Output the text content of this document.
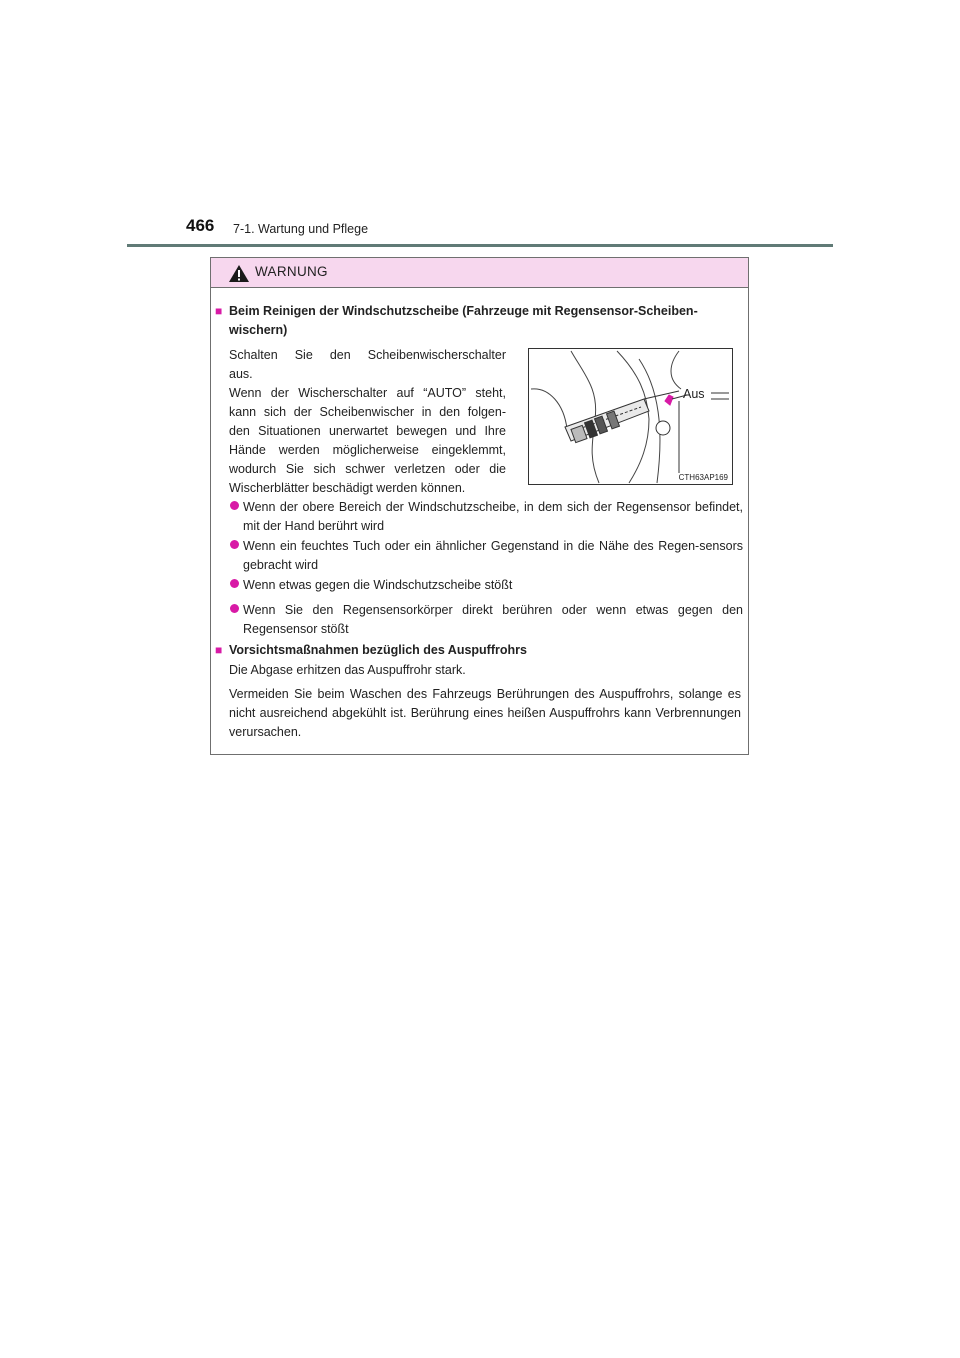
466 7-1. Wartung und Pflege
WARNUNG
■ Beim Reinigen der Windschutzscheibe (Fahrzeuge mit Regensensor-Scheiben-
wischern)
Schalten Sie den Scheibenwischerschalter
aus.
Wenn der Wischerschalter auf “AUTO” steht,
kann sich der Scheibenwischer in den folgen-
den Situationen unerwartet bewegen und Ihre
Hände werden möglicherweise eingeklemmt,
wodurch Sie sich schwer verletzen oder die
Wischerblätter beschädigt werden können.
Aus
CTH63AP169
Wenn der obere Bereich der Windschutzscheibe, in dem sich der Regensensor befindet, mit der Hand berührt wird
Wenn ein feuchtes Tuch oder ein ähnlicher Gegenstand in die Nähe des Regen-sensors gebracht wird
Wenn etwas gegen die Windschutzscheibe stößt
Wenn Sie den Regensensorkörper direkt berühren oder wenn etwas gegen den Regensensor stößt
■ Vorsichtsmaßnahmen bezüglich des Auspuffrohrs
Die Abgase erhitzen das Auspuffrohr stark.
Vermeiden Sie beim Waschen des Fahrzeugs Berührungen des Auspuffrohrs, solange es nicht ausreichend abgekühlt ist. Berührung eines heißen Auspuffrohrs kann Verbrennungen verursachen.
